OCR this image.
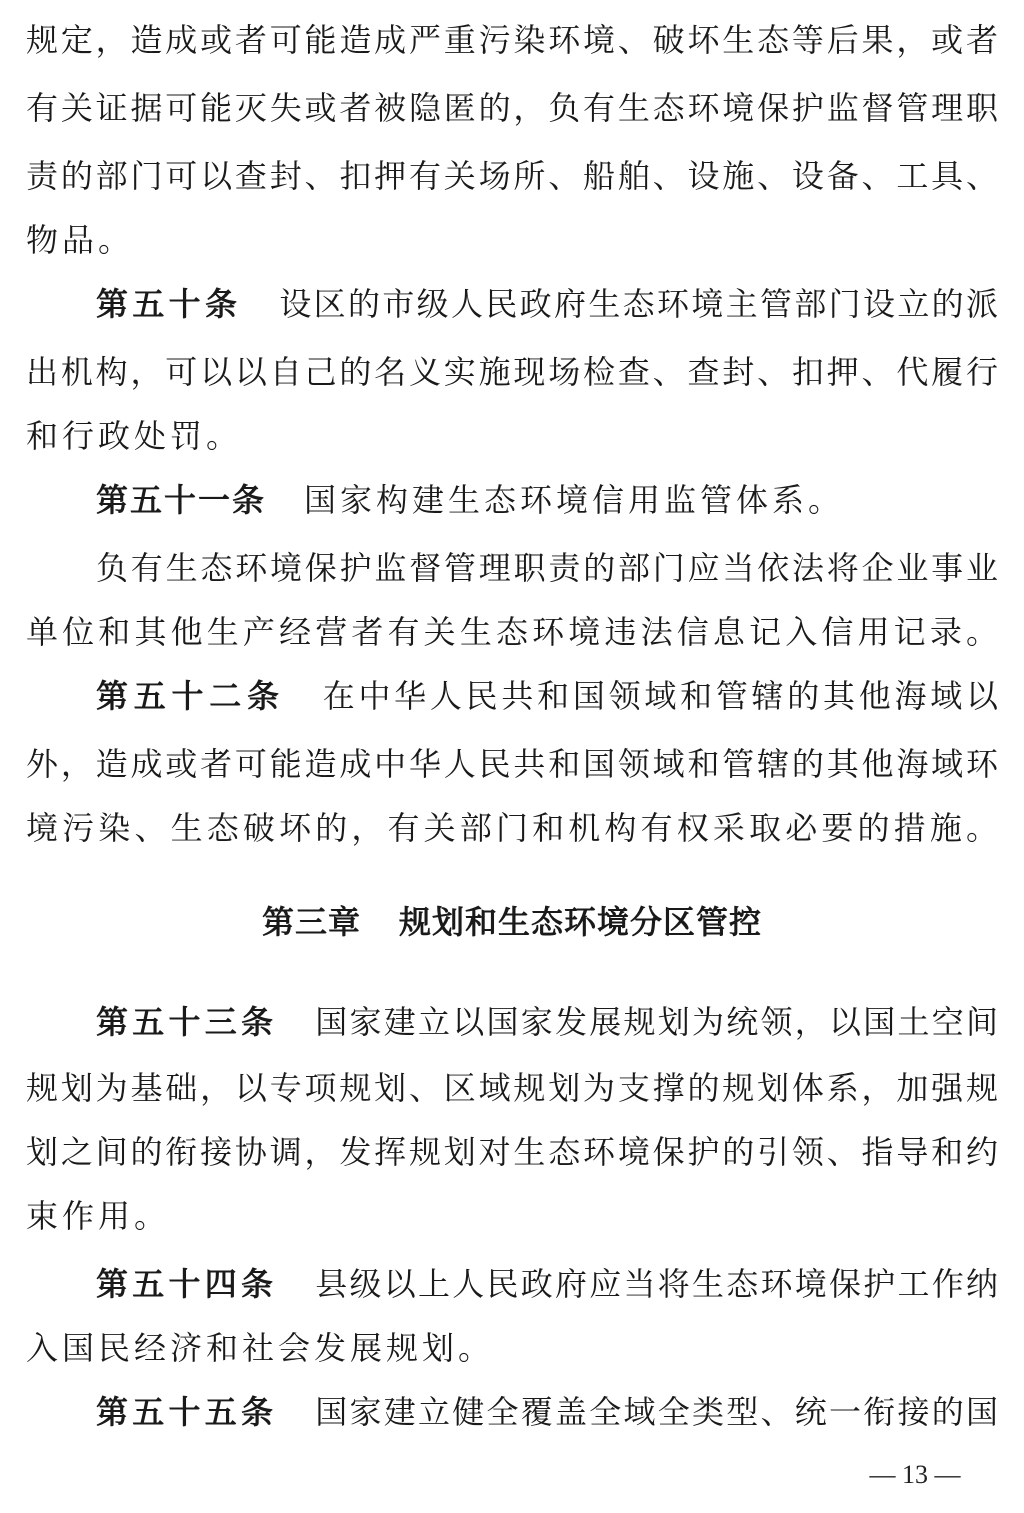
规定，造成或者可能造成严重污染环境、破坏生态等后果，或者
有关证据可能灭失或者被隐匿的，负有生态环境保护监督管理职
责的部门可以查封、扣押有关场所、船舶、设施、设备、工具、
物品。
第五十条 设区的市级人民政府生态环境主管部门设立的派
出机构，可以以自己的名义实施现场检查、查封、扣押、代履行
和行政处罚。
第五十一条 国家构建生态环境信用监管体系。
负有生态环境保护监督管理职责的部门应当依法将企业事业
单位和其他生产经营者有关生态环境违法信息记入信用记录。
第五十二条 在中华人民共和国领域和管辖的其他海域以
外，造成或者可能造成中华人民共和国领域和管辖的其他海域环
境污染、生态破坏的，有关部门和机构有权采取必要的措施。
第三章 规划和生态环境分区管控
第五十三条 国家建立以国家发展规划为统领，以国土空间
规划为基础，以专项规划、区域规划为支撑的规划体系，加强规
划之间的衔接协调，发挥规划对生态环境保护的引领、指导和约
束作用。
第五十四条 县级以上人民政府应当将生态环境保护工作纳
入国民经济和社会发展规划。
第五十五条 国家建立健全覆盖全域全类型、统一衔接的国
— 13 —
